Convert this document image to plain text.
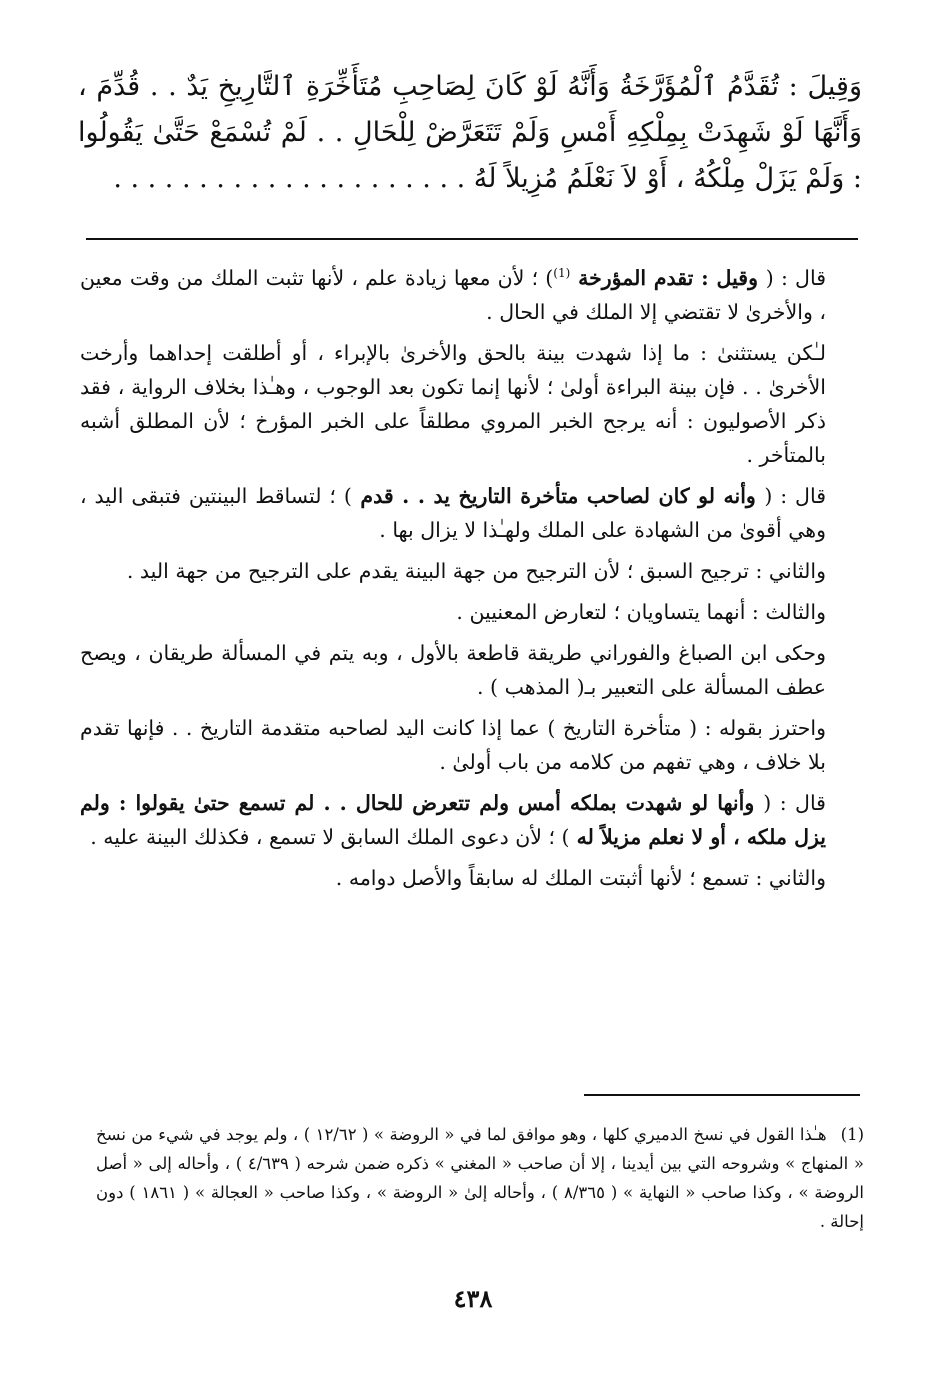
وَقِيلَ : تُقَدَّمُ ٱلْمُؤَرَّخَةُ وَأَنَّهُ لَوْ كَانَ لِصَاحِبِ مُتَأَخِّرَةِ ٱلتَّارِيخِ يَدٌ . . قُدِّمَ ، وَأَنَّهَا لَوْ شَهِدَتْ بِمِلْكِهِ أَمْسِ وَلَمْ تَتَعَرَّضْ لِلْحَالِ . . لَمْ تُسْمَعْ حَتَّىٰ يَقُولُوا : وَلَمْ يَزَلْ مِلْكُهُ ، أَوْ لاَ نَعْلَمُ مُزِيلاً لَهُ . . . . . . . . . . . . . . . . . . . . .

قال : ( وقيل : تقدم المؤرخة $^{(1)}$) ؛ لأن معها زيادة علم ، لأنها تثبت الملك من وقت معين ، والأخرىٰ لا تقتضي إلا الملك في الحال .

لـٰكن يستثنىٰ : ما إذا شهدت بينة بالحق والأخرىٰ بالإبراء ، أو أطلقت إحداهما وأرخت الأخرىٰ . . فإن بينة البراءة أولىٰ ؛ لأنها إنما تكون بعد الوجوب ، وهـٰذا بخلاف الرواية ، فقد ذكر الأصوليون : أنه يرجح الخبر المروي مطلقاً على الخبر المؤرخ ؛ لأن المطلق أشبه بالمتأخر .

قال : ( وأنه لو كان لصاحب متأخرة التاريخ يد . . قدم ) ؛ لتساقط البينتين فتبقى اليد ، وهي أقوىٰ من الشهادة على الملك ولهـٰذا لا يزال بها .

والثاني : ترجيح السبق ؛ لأن الترجيح من جهة البينة يقدم على الترجيح من جهة اليد .

والثالث : أنهما يتساويان ؛ لتعارض المعنيين .

وحكى ابن الصباغ والفوراني طريقة قاطعة بالأول ، وبه يتم في المسألة طريقان ، ويصح عطف المسألة على التعبير بـ( المذهب ) .

واحترز بقوله : ( متأخرة التاريخ ) عما إذا كانت اليد لصاحبه متقدمة التاريخ . . فإنها تقدم بلا خلاف ، وهي تفهم من كلامه من باب أولىٰ .

قال : ( وأنها لو شهدت بملكه أمس ولم تتعرض للحال . . لم تسمع حتىٰ يقولوا : ولم يزل ملكه ، أو لا نعلم مزيلاً له ) ؛ لأن دعوى الملك السابق لا تسمع ، فكذلك البينة عليه .

والثاني : تسمع ؛ لأنها أثبتت الملك له سابقاً والأصل دوامه .

(1)هـٰذا القول في نسخ الدميري كلها ، وهو موافق لما في « الروضة » ( ١٢/٦٢ ) ، ولم يوجد في شيء من نسخ « المنهاج » وشروحه التي بين أيدينا ، إلا أن صاحب « المغني » ذكره ضمن شرحه ( ٤/٦٣٩ ) ، وأحاله إلى « أصل الروضة » ، وكذا صاحب « النهاية » ( ٨/٣٦٥ ) ، وأحاله إلىٰ « الروضة » ، وكذا صاحب « العجالة » ( ١٨٦١ ) دون إحالة .
٤٣٨
